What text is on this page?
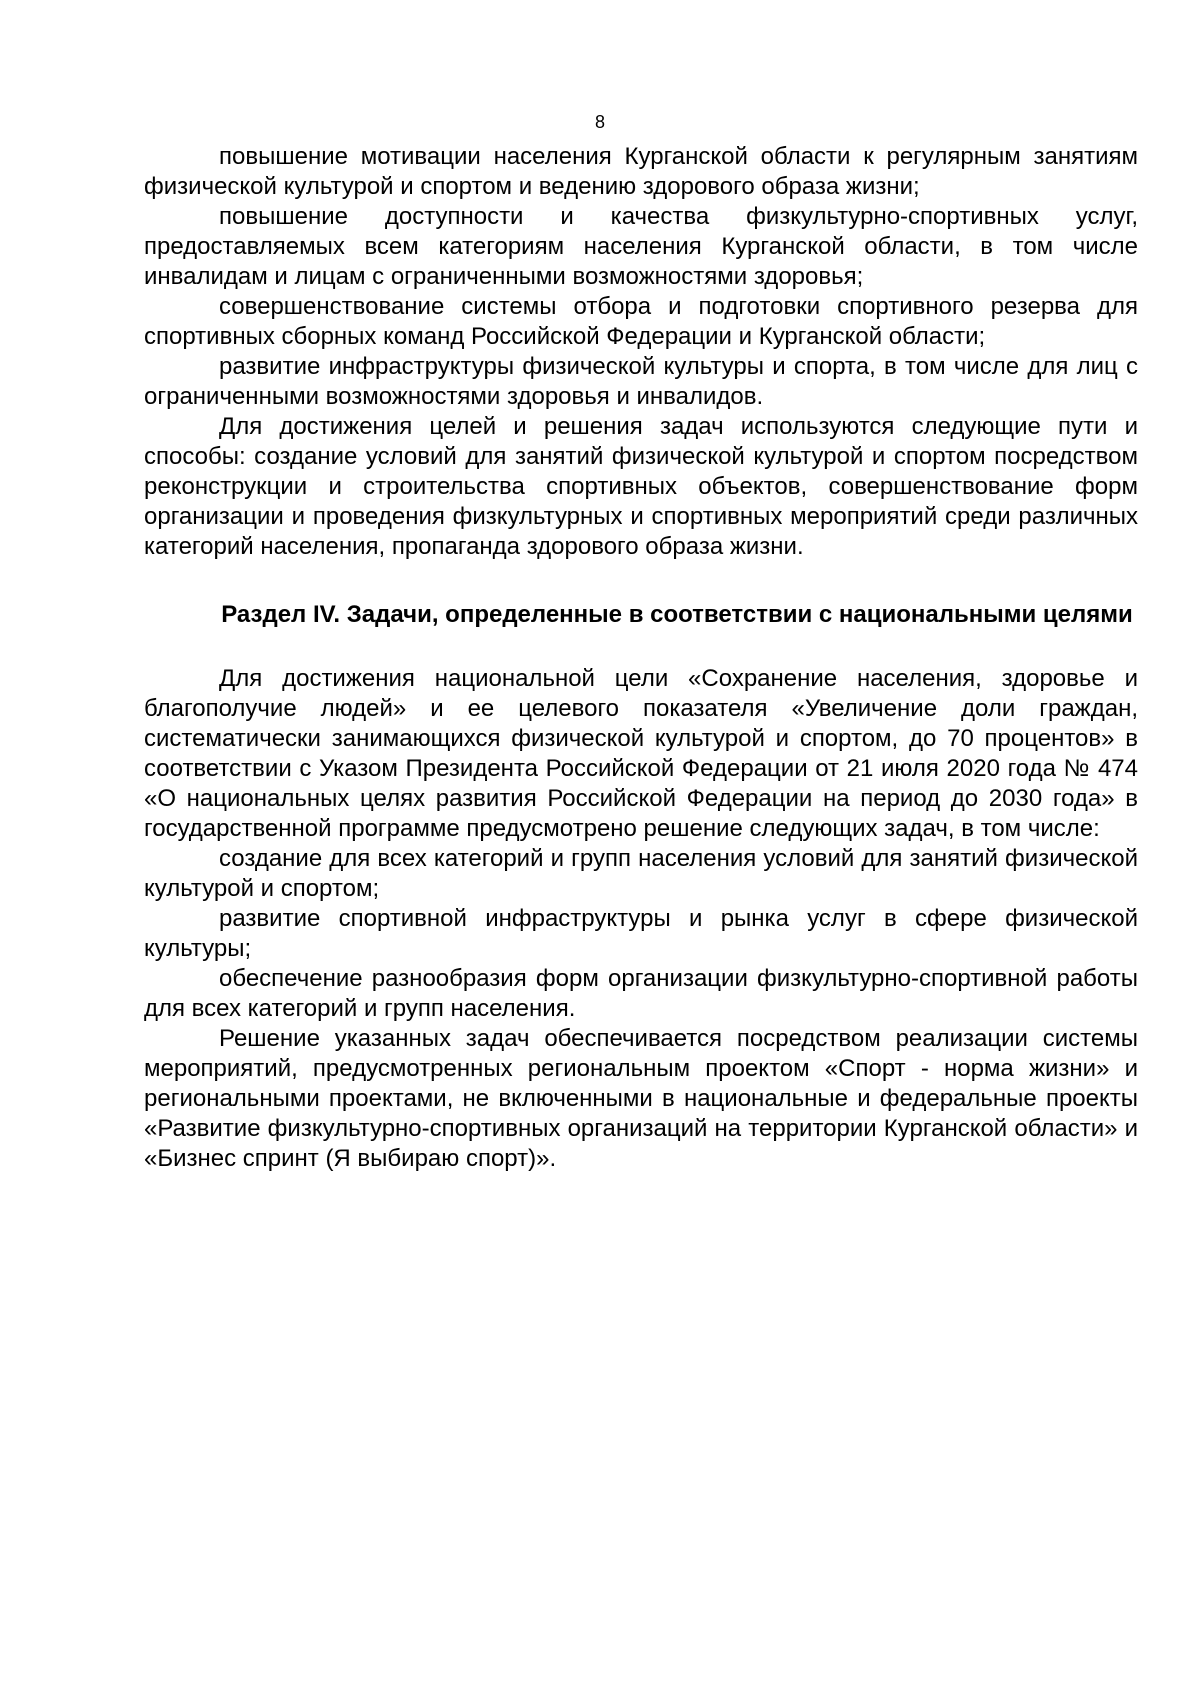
8

повышение мотивации населения Курганской области к регулярным занятиям физической культурой и спортом и ведению здорового образа жизни;

повышение доступности и качества физкультурно-спортивных услуг, предоставляемых всем категориям населения Курганской области, в том числе инвалидам и лицам с ограниченными возможностями здоровья;

совершенствование системы отбора и подготовки спортивного резерва для спортивных сборных команд Российской Федерации и Курганской области;

развитие инфраструктуры физической культуры и спорта, в том числе для лиц с ограниченными возможностями здоровья и инвалидов.

Для достижения целей и решения задач используются следующие пути и способы: создание условий для занятий физической культурой и спортом посредством реконструкции и строительства спортивных объектов, совершенствование форм организации и проведения физкультурных и спортивных мероприятий среди различных категорий населения, пропаганда здорового образа жизни.

Раздел IV. Задачи, определенные в соответствии с национальными целями

Для достижения национальной цели «Сохранение населения, здоровье и благополучие людей» и ее целевого показателя «Увеличение доли граждан, систематически занимающихся физической культурой и спортом, до 70 процентов» в соответствии с Указом Президента Российской Федерации от 21 июля 2020 года № 474 «О национальных целях развития Российской Федерации на период до 2030 года» в государственной программе предусмотрено решение следующих задач, в том числе:

создание для всех категорий и групп населения условий для занятий физической культурой и спортом;

развитие спортивной инфраструктуры и рынка услуг в сфере физической культуры;

обеспечение разнообразия форм организации физкультурно-спортивной работы для всех категорий и групп населения.

Решение указанных задач обеспечивается посредством реализации системы мероприятий, предусмотренных региональным проектом «Спорт - норма жизни» и региональными проектами, не включенными в национальные и федеральные проекты «Развитие физкультурно-спортивных организаций на территории Курганской области» и «Бизнес спринт (Я выбираю спорт)».
